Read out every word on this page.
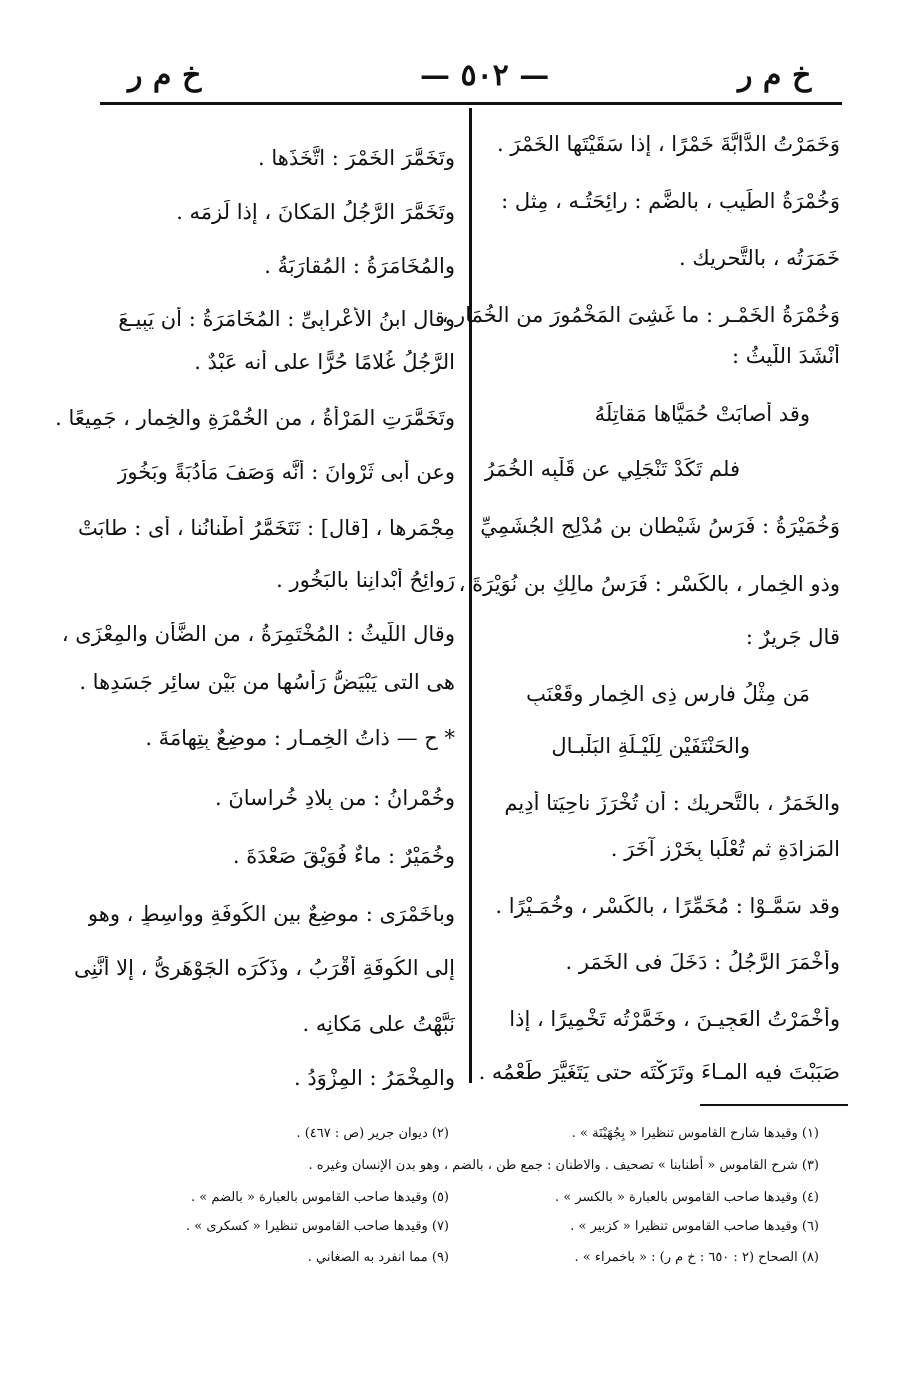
خ م ر
— ٥٠٢ —
خ م ر
وَخَمَرْتُ الدَّابَّةَ خَمْرًا ، إذا سَقَيْتَها الخَمْرَ .
وَخُمْرَةُ الطِّيبِ ، بالضَّم : رائِحَتُـه ، مِثل :
خَمَرَتُه ، بالتَّحريك .
وَخُمْرَةُ الخَمْـرِ : ما غَشِىَ المَخْمُورَ من الخُمَارِ ،
أَنْشَدَ اللَّيثُ :
وقد أَصابَتْ حُمَيَّاها مَقاتِلَهُ
فلم تَكَدْ تَنْجَلِي عن قَلْبِه الخُمَرُ
وَخُمَيْرَةُ : فَرَسُ شَيْطانِ بن مُدْلِجِ الجُشَمِيِّ .
وذو الخِمار ، بالكَسْر : فَرَسُ مالِكِ بن نُوَيْرَةَ ،
قال جَرِيرٌ :
مَن مِثْلُ فارِسِ ذِى الخِمارِ وقَعْنَبٍ
والحَنْتَفَيْنِ لِلَيْـلَةِ البَلْبـالِ
والخَمَرُ ، بالتَّحريك : أن تُخْرَزَ ناحِيَتا أَدِيمِ
المَزادَةِ ثم تُعْلَبا بِخَرْزٍ آخَرَ .
وقد سَمَّـوْا : مُخَمِّرًا ، بالكَسْر ، وخُمَـيْرًا .
وأَخْمَرَ الرَّجُلُ : دَخَلَ فى الخَمَرِ .
وأَخْمَرْتُ العَجِيـنَ ، وخَمَّرْتُه تَخْمِيرًا ، إذا
صَبَبْتَ فيه المـاءَ وتَرَكْتَه حتى يَتَغَيَّرَ طَعْمُه .
وتَخَمَّرَ الخَمْرَ : اتَّخَذَها .
وتَخَمَّرَ الرَّجُلُ المَكانَ ، إذا لَزِمَه .
والمُخَامَرَةُ : المُقارَبَةُ .
وقال ابنُ الأَعْرابِىِّ : المُخَامَرَةُ : أن يَبِيـعَ
الرَّجُلُ غُلامًا حُرًّا على أنه عَبْدٌ .
وتَخَمَّرَتِ المَرْأَةُ ، من الخُمْرَةِ والخِمارِ ، جَمِيعًا .
وعن أبى ثَرْوانَ : أنَّه وَصَفَ مَأْدُبَةً وبَخُورَ
مِجْمَرِها ، [قال] : نَتَخَمَّرُ أَطْنانُنا ، أى : طابَتْ
رَوائِحُ أَبْدانِنا بالبَخُورِ .
وقال اللَّيثُ : المُخْتَمِرَةُ ، من الضَّأْنِ والمِعْزَى ،
هى التى يَبْيَضُّ رَأْسُها من بَيْنِ سائِرِ جَسَدِها .
* ح — ذاتُ الخِمـارِ : موضِعٌ بِتِهامَةَ .
وخُمْرانُ : من بِلادِ خُراسانَ .
وخُمَيْرٌ : ماءٌ فُوَيْقَ صَعْدَةَ .
وباخَمْرَى : موضِعٌ بين الكُوفَةِ وواسِطٍ ، وهو
إلى الكُوفَةِ أَقْرَبُ ، وذَكَرَه الجَوْهَرِىُّ ، إلا أَنَّنِى
نَبَّهْتُ على مَكانِه .
والمِخْمَرُ : المِزْوَدُ .
(١) وقيدها شارح القاموس تنظيرا « بِجُهَيْنَة » .
(٢) ديوان جرير (ص : ٤٦٧) .
(٣) شرح القاموس « أطنابنا » تصحيف . والاطنان : جمع طن ، بالضم ، وهو بدن الإنسان وغيره .
(٤) وقيدها صاحب القاموس بالعبارة « بالكسر » .
(٥) وقيدها صاحب القاموس بالعبارة « بالضم » .
(٦) وقيدها صاحب القاموس تنظيرا « كزبير » .
(٧) وقيدها صاحب القاموس تنظيرا « كسكرى » .
(٨) الصحاح (٢ : ٦٥٠ : خ م ر) : « باخمراء » .
(٩) مما انفرد به الصغاني .
